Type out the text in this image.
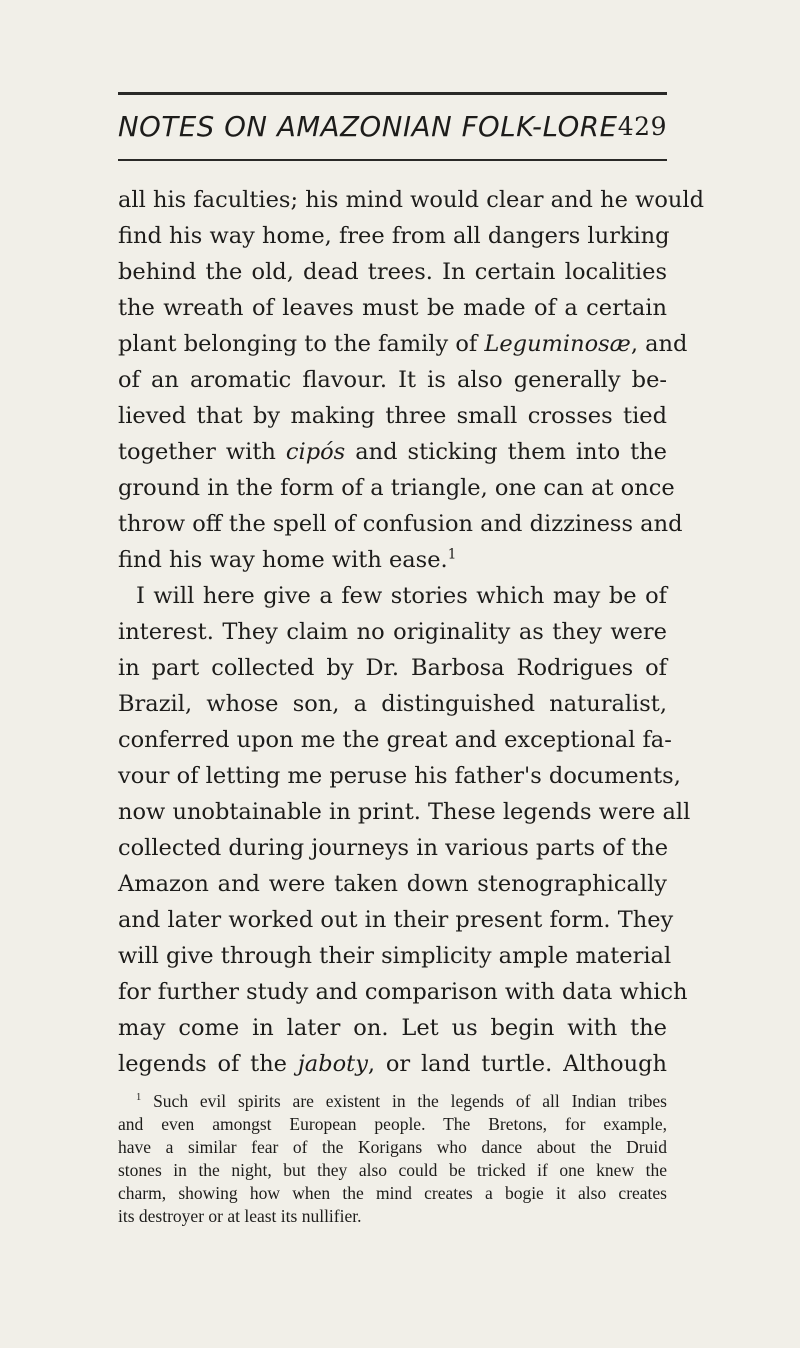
NOTES ON AMAZONIAN FOLK-LORE 429
all his faculties; his mind would clear and he would
find his way home, free from all dangers lurking
behind the old, dead trees. In certain localities
the wreath of leaves must be made of a certain
plant belonging to the family of Leguminosæ, and
of an aromatic flavour. It is also generally be-
lieved that by making three small crosses tied
together with cipós and sticking them into the
ground in the form of a triangle, one can at once
throw off the spell of confusion and dizziness and
find his way home with ease.$^1$
I will here give a few stories which may be of
interest. They claim no originality as they were
in part collected by Dr. Barbosa Rodrigues of
Brazil, whose son, a distinguished naturalist,
conferred upon me the great and exceptional fa-
vour of letting me peruse his father's documents,
now unobtainable in print. These legends were all
collected during journeys in various parts of the
Amazon and were taken down stenographically
and later worked out in their present form. They
will give through their simplicity ample material
for further study and comparison with data which
may come in later on. Let us begin with the
legends of the jaboty, or land turtle. Although
$^1$ Such evil spirits are existent in the legends of all Indian tribes
and even amongst European people. The Bretons, for example,
have a similar fear of the Korigans who dance about the Druid
stones in the night, but they also could be tricked if one knew the
charm, showing how when the mind creates a bogie it also creates
its destroyer or at least its nullifier.
